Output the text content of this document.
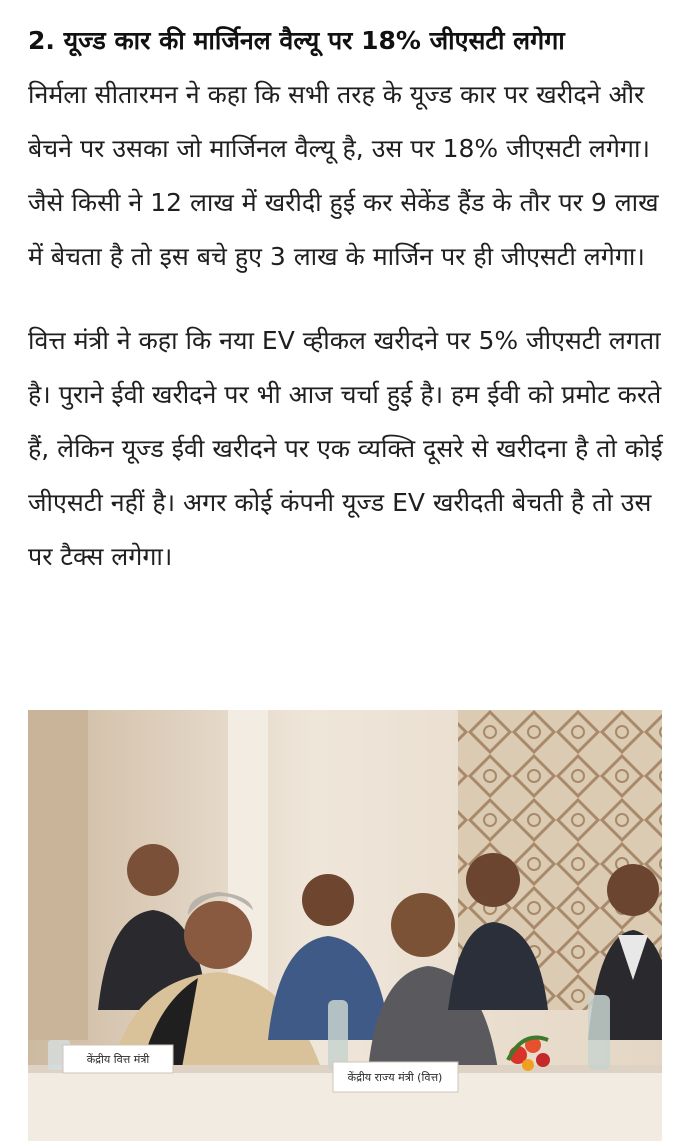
2. यूज्ड कार की मार्जिनल वैल्यू पर 18% जीएसटी लगेगा

निर्मला सीतारमन ने कहा कि सभी तरह के यूज्ड कार पर खरीदने और बेचने पर उसका जो मार्जिनल वैल्यू है, उस पर 18% जीएसटी लगेगा। जैसे किसी ने 12 लाख में खरीदी हुई कर सेकेंड हैंड के तौर पर 9 लाख में बेचता है तो इस बचे हुए 3 लाख के मार्जिन पर ही जीएसटी लगेगा।

वित्त मंत्री ने कहा कि नया EV व्हीकल खरीदने पर 5% जीएसटी लगता है। पुराने ईवी खरीदने पर भी आज चर्चा हुई है। हम ईवी को प्रमोट करते हैं, लेकिन यूज्ड ईवी खरीदने पर एक व्यक्ति दूसरे से खरीदना है तो कोई जीएसटी नहीं है। अगर कोई कंपनी यूज्ड EV खरीदती बेचती है तो उस पर टैक्स लगेगा।

केंद्रीय वित्त मंत्री
केंद्रीय राज्य मंत्री (वित्त)
